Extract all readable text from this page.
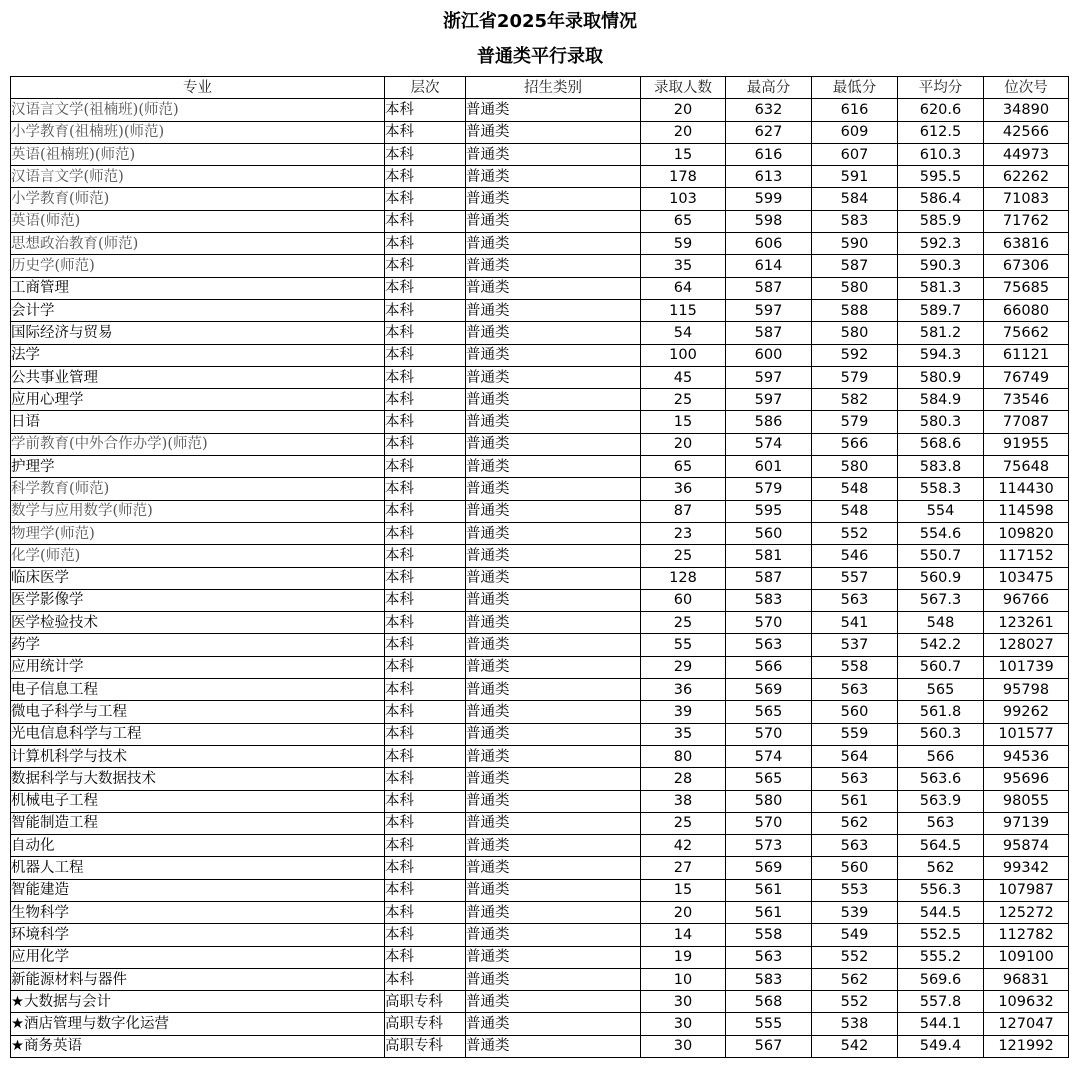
浙江省2025年录取情况
普通类平行录取
专业	层次	招生类别	录取人数	最高分	最低分	平均分	位次号
汉语言文学(祖楠班)(师范)	本科	普通类	20	632	616	620.6	34890
小学教育(祖楠班)(师范)	本科	普通类	20	627	609	612.5	42566
英语(祖楠班)(师范)	本科	普通类	15	616	607	610.3	44973
汉语言文学(师范)	本科	普通类	178	613	591	595.5	62262
小学教育(师范)	本科	普通类	103	599	584	586.4	71083
英语(师范)	本科	普通类	65	598	583	585.9	71762
思想政治教育(师范)	本科	普通类	59	606	590	592.3	63816
历史学(师范)	本科	普通类	35	614	587	590.3	67306
工商管理	本科	普通类	64	587	580	581.3	75685
会计学	本科	普通类	115	597	588	589.7	66080
国际经济与贸易	本科	普通类	54	587	580	581.2	75662
法学	本科	普通类	100	600	592	594.3	61121
公共事业管理	本科	普通类	45	597	579	580.9	76749
应用心理学	本科	普通类	25	597	582	584.9	73546
日语	本科	普通类	15	586	579	580.3	77087
学前教育(中外合作办学)(师范)	本科	普通类	20	574	566	568.6	91955
护理学	本科	普通类	65	601	580	583.8	75648
科学教育(师范)	本科	普通类	36	579	548	558.3	114430
数学与应用数学(师范)	本科	普通类	87	595	548	554	114598
物理学(师范)	本科	普通类	23	560	552	554.6	109820
化学(师范)	本科	普通类	25	581	546	550.7	117152
临床医学	本科	普通类	128	587	557	560.9	103475
医学影像学	本科	普通类	60	583	563	567.3	96766
医学检验技术	本科	普通类	25	570	541	548	123261
药学	本科	普通类	55	563	537	542.2	128027
应用统计学	本科	普通类	29	566	558	560.7	101739
电子信息工程	本科	普通类	36	569	563	565	95798
微电子科学与工程	本科	普通类	39	565	560	561.8	99262
光电信息科学与工程	本科	普通类	35	570	559	560.3	101577
计算机科学与技术	本科	普通类	80	574	564	566	94536
数据科学与大数据技术	本科	普通类	28	565	563	563.6	95696
机械电子工程	本科	普通类	38	580	561	563.9	98055
智能制造工程	本科	普通类	25	570	562	563	97139
自动化	本科	普通类	42	573	563	564.5	95874
机器人工程	本科	普通类	27	569	560	562	99342
智能建造	本科	普通类	15	561	553	556.3	107987
生物科学	本科	普通类	20	561	539	544.5	125272
环境科学	本科	普通类	14	558	549	552.5	112782
应用化学	本科	普通类	19	563	552	555.2	109100
新能源材料与器件	本科	普通类	10	583	562	569.6	96831
★大数据与会计	高职专科	普通类	30	568	552	557.8	109632
★酒店管理与数字化运营	高职专科	普通类	30	555	538	544.1	127047
★商务英语	高职专科	普通类	30	567	542	549.4	121992
